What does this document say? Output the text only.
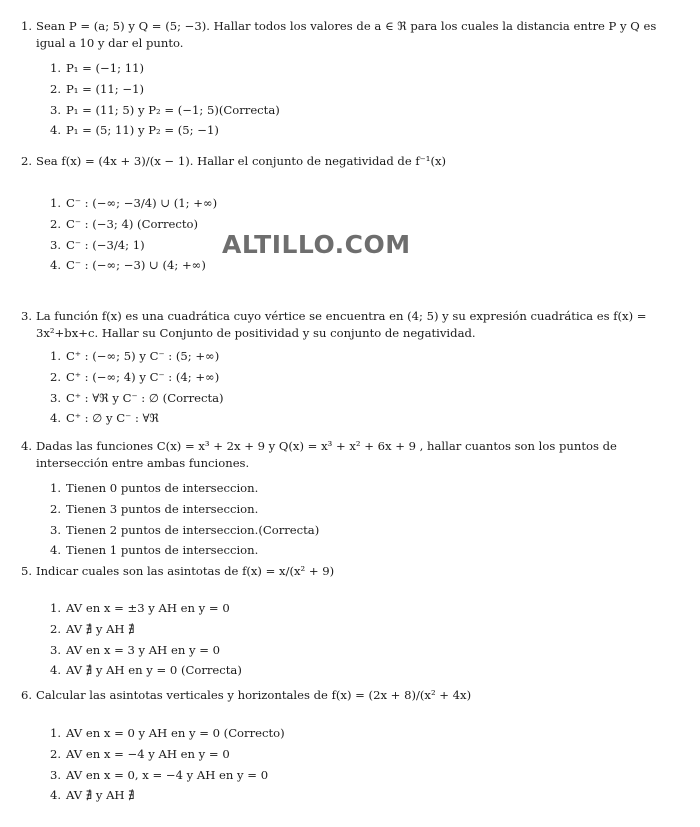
ALTILLO.COM
1. Sean P = (a; 5) y Q = (5; −3). Hallar todos los valores de a ∈ ℜ para los cuales la distancia entre P y Q es igual a 10 y dar el punto.
1. P₁ = (−1; 11)
2. P₁ = (11; −1)
3. P₁ = (11; 5) y P₂ = (−1; 5)(Correcta)
4. P₁ = (5; 11) y P₂ = (5; −1)
2. Sea f(x) = (4x + 3)/(x − 1). Hallar el conjunto de negatividad de f⁻¹(x)
1. C⁻ : (−∞; −3/4) ∪ (1; +∞)
2. C⁻ : (−3; 4) (Correcto)
3. C⁻ : (−3/4; 1)
4. C⁻ : (−∞; −3) ∪ (4; +∞)
3. La función f(x) es una cuadrática cuyo vértice se encuentra en (4; 5) y su expresión cuadrática es f(x) = 3x²+bx+c. Hallar su Conjunto de positividad y su conjunto de negatividad.
1. C⁺ : (−∞; 5) y C⁻ : (5; +∞)
2. C⁺ : (−∞; 4) y C⁻ : (4; +∞)
3. C⁺ : ∀ℜ y C⁻ : ∅ (Correcta)
4. C⁺ : ∅ y C⁻ : ∀ℜ
4. Dadas las funciones C(x) = x³ + 2x + 9 y Q(x) = x³ + x² + 6x + 9 , hallar cuantos son los puntos de intersección entre ambas funciones.
1. Tienen 0 puntos de interseccion.
2. Tienen 3 puntos de interseccion.
3. Tienen 2 puntos de interseccion.(Correcta)
4. Tienen 1 puntos de interseccion.
5. Indicar cuales son las asintotas de f(x) = x/(x² + 9)
1. AV en x = ±3 y AH en y = 0
2. AV ∄ y AH ∄
3. AV en x = 3 y AH en y = 0
4. AV ∄ y AH en y = 0 (Correcta)
6. Calcular las asintotas verticales y horizontales de f(x) = (2x + 8)/(x² + 4x)
1. AV en x = 0 y AH en y = 0 (Correcto)
2. AV en x = −4 y AH en y = 0
3. AV en x = 0, x = −4 y AH en y = 0
4. AV ∄ y AH ∄
